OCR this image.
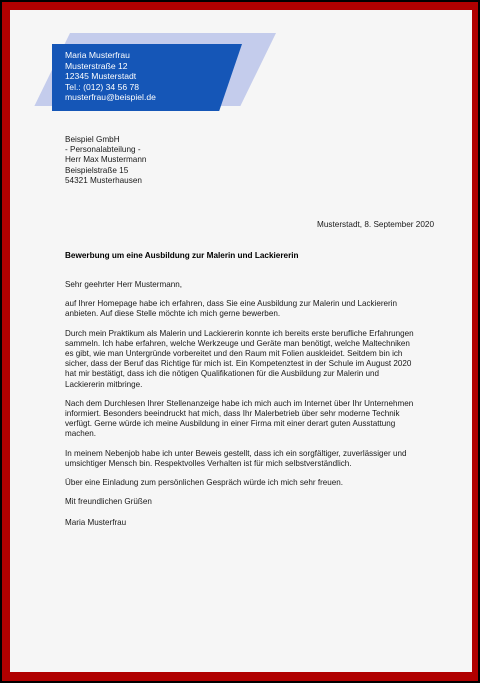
Maria Musterfrau
Musterstraße 12
12345 Musterstadt
Tel.: (012) 34 56 78
musterfrau@beispiel.de
Beispiel GmbH
- Personalabteilung -
Herr Max Mustermann
Beispielstraße 15
54321 Musterhausen
Musterstadt, 8. September 2020
Bewerbung um eine Ausbildung zur Malerin und Lackiererin

Sehr geehrter Herr Mustermann,

auf Ihrer Homepage habe ich erfahren, dass Sie eine Ausbildung zur Malerin und Lackiererin
anbieten. Auf diese Stelle möchte ich mich gerne bewerben.

Durch mein Praktikum als Malerin und Lackiererin konnte ich bereits erste berufliche Erfahrungen
sammeln. Ich habe erfahren, welche Werkzeuge und Geräte man benötigt, welche Maltechniken
es gibt, wie man Untergründe vorbereitet und den Raum mit Folien auskleidet. Seitdem bin ich
sicher, dass der Beruf das Richtige für mich ist. Ein Kompetenztest in der Schule im August 2020
hat mir bestätigt, dass ich die nötigen Qualifikationen für die Ausbildung zur Malerin und
Lackiererin mitbringe.

Nach dem Durchlesen Ihrer Stellenanzeige habe ich mich auch im Internet über Ihr Unternehmen
informiert. Besonders beeindruckt hat mich, dass Ihr Malerbetrieb über sehr moderne Technik
verfügt. Gerne würde ich meine Ausbildung in einer Firma mit einer derart guten Ausstattung
machen.

In meinem Nebenjob habe ich unter Beweis gestellt, dass ich ein sorgfältiger, zuverlässiger und
umsichtiger Mensch bin. Respektvolles Verhalten ist für mich selbstverständlich.

Über eine Einladung zum persönlichen Gespräch würde ich mich sehr freuen.

Mit freundlichen Grüßen

Maria Musterfrau
